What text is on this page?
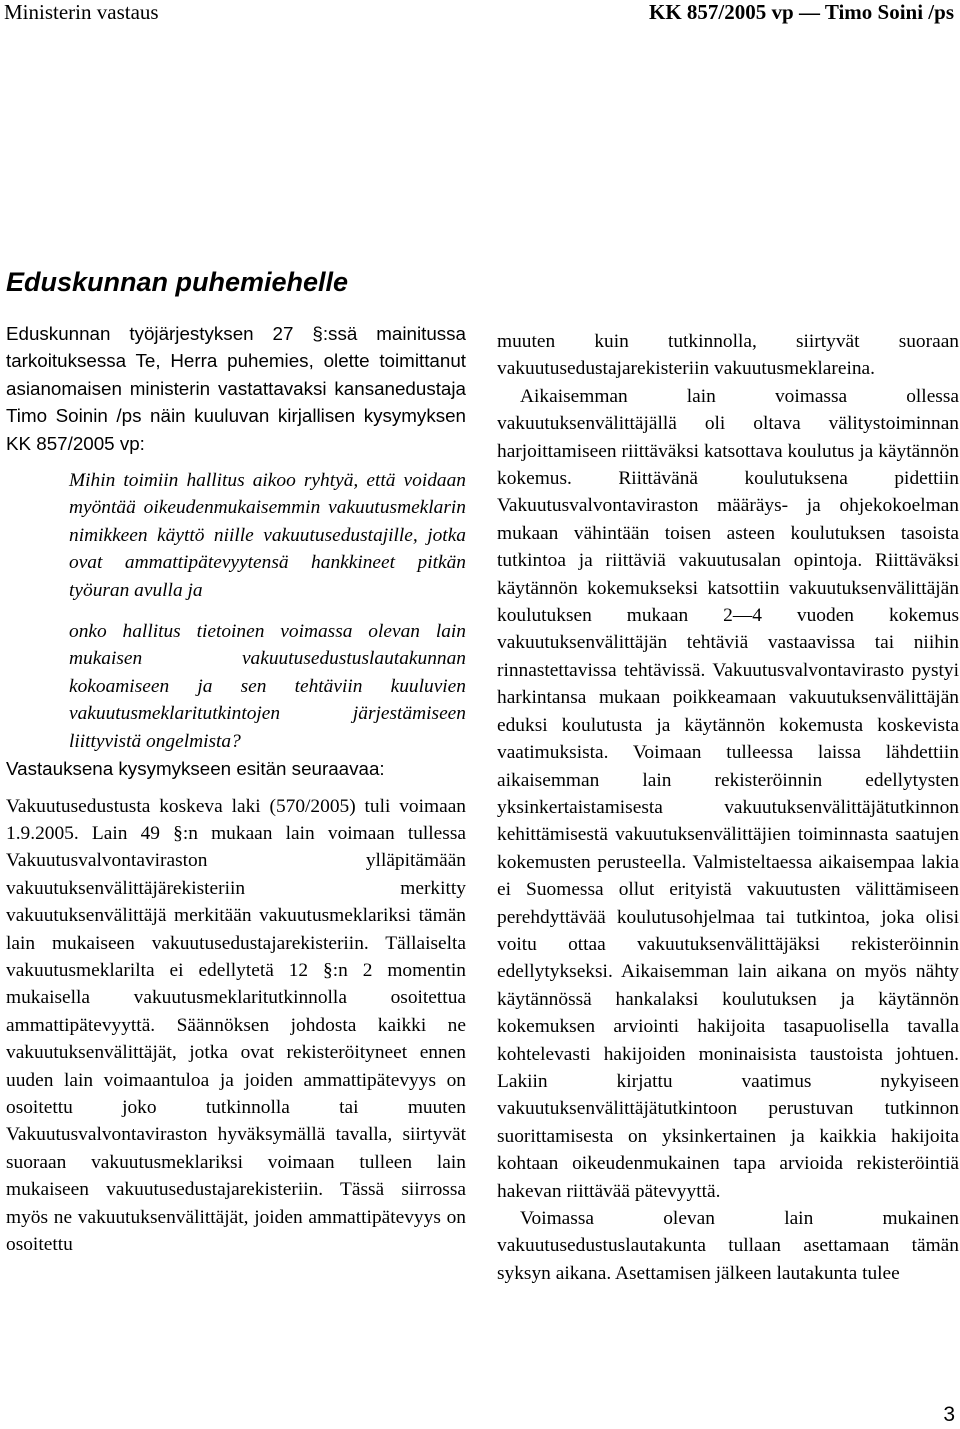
Ministerin vastaus	KK 857/2005 vp — Timo Soini /ps
Eduskunnan puhemiehelle

Eduskunnan työjärjestyksen 27 §:ssä mainitussa tarkoituksessa Te, Herra puhemies, olette toimittanut asianomaisen ministerin vastattavaksi kansanedustaja Timo Soinin /ps näin kuuluvan kirjallisen kysymyksen KK 857/2005 vp:

Mihin toimiin hallitus aikoo ryhtyä, että voidaan myöntää oikeudenmukaisemmin vakuutusmeklarin nimikkeen käyttö niille vakuutusedustajille, jotka ovat ammattipätevyytensä hankkineet pitkän työuran avulla ja

onko hallitus tietoinen voimassa olevan lain mukaisen vakuutusedustuslautakunnan kokoamiseen ja sen tehtäviin kuuluvien vakuutusmeklaritutkintojen järjestämiseen liittyvistä ongelmista?

Vastauksena kysymykseen esitän seuraavaa:

Vakuutusedustusta koskeva laki (570/2005) tuli voimaan 1.9.2005. Lain 49 §:n mukaan lain voimaan tullessa Vakuutusvalvontaviraston ylläpitämään vakuutuksenvälittäjärekisteriin merkitty vakuutuksenvälittäjä merkitään vakuutusmeklariksi tämän lain mukaiseen vakuutusedustajarekisteriin. Tällaiselta vakuutusmeklarilta ei edellytetä 12 §:n 2 momentin mukaisella vakuutusmeklaritutkinnolla osoitettua ammattipätevyyttä. Säännöksen johdosta kaikki ne vakuutuksenvälittäjät, jotka ovat rekisteröityneet ennen uuden lain voimaantuloa ja joiden ammattipätevyys on osoitettu joko tutkinnolla tai muuten Vakuutusvalvontaviraston hyväksymällä tavalla, siirtyvät suoraan vakuutusmeklariksi voimaan tulleen lain mukaiseen vakuutusedustajarekisteriin. Tässä siirrossa myös ne vakuutuksenvälittäjät, joiden ammattipätevyys on osoitettu

muuten kuin tutkinnolla, siirtyvät suoraan vakuutusedustajarekisteriin vakuutusmeklareina.

Aikaisemman lain voimassa ollessa vakuutuksenvälittäjällä oli oltava välitystoiminnan harjoittamiseen riittäväksi katsottava koulutus ja käytännön kokemus. Riittävänä koulutuksena pidettiin Vakuutusvalvontaviraston määräys- ja ohjekokoelman mukaan vähintään toisen asteen koulutuksen tasoista tutkintoa ja riittäviä vakuutusalan opintoja. Riittäväksi käytännön kokemukseksi katsottiin vakuutuksenvälittäjän koulutuksen mukaan 2—4 vuoden kokemus vakuutuksenvälittäjän tehtäviä vastaavissa tai niihin rinnastettavissa tehtävissä. Vakuutusvalvontavirasto pystyi harkintansa mukaan poikkeamaan vakuutuksenvälittäjän eduksi koulutusta ja käytännön kokemusta koskevista vaatimuksista. Voimaan tulleessa laissa lähdettiin aikaisemman lain rekisteröinnin edellytysten yksinkertaistamisesta vakuutuksenvälittäjätutkinnon kehittämisestä vakuutuksenvälittäjien toiminnasta saatujen kokemusten perusteella. Valmisteltaessa aikaisempaa lakia ei Suomessa ollut erityistä vakuutusten välittämiseen perehdyttävää koulutusohjelmaa tai tutkintoa, joka olisi voitu ottaa vakuutuksenvälittäjäksi rekisteröinnin edellytykseksi. Aikaisemman lain aikana on myös nähty käytännössä hankalaksi koulutuksen ja käytännön kokemuksen arviointi hakijoita tasapuolisella tavalla kohtelevasti hakijoiden moninaisista taustoista johtuen. Lakiin kirjattu vaatimus nykyiseen vakuutuksenvälittäjätutkintoon perustuvan tutkinnon suorittamisesta on yksinkertainen ja kaikkia hakijoita kohtaan oikeudenmukainen tapa arvioida rekisteröintiä hakevan riittävää pätevyyttä.

Voimassa olevan lain mukainen vakuutusedustuslautakunta tullaan asettamaan tämän syksyn aikana. Asettamisen jälkeen lautakunta tulee

3
